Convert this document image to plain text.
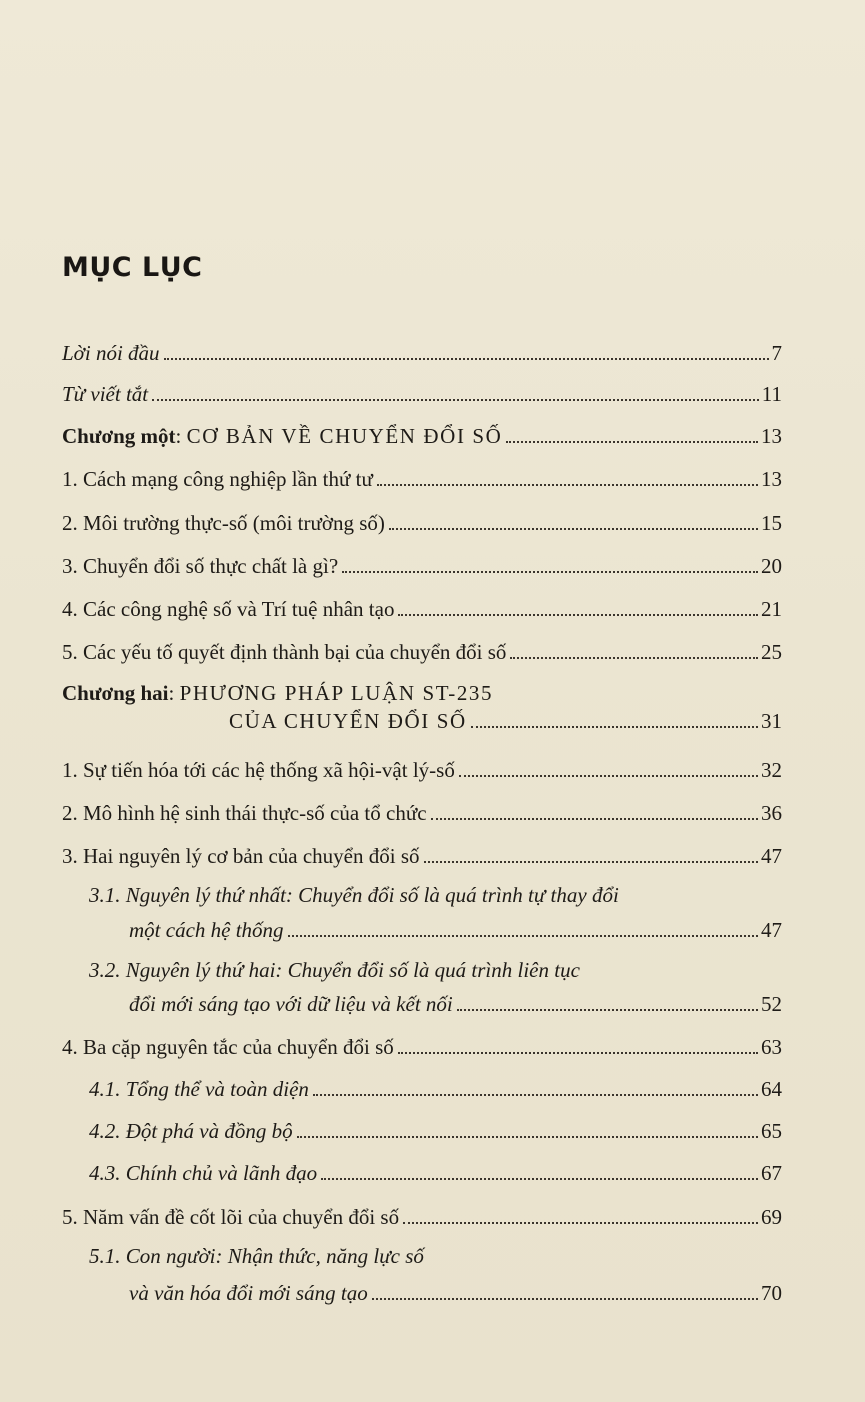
MỤC LỤC
Lời nói đầu	7
Từ viết tắt	11
Chương một: CƠ BẢN VỀ CHUYỂN ĐỔI SỐ	13
1. Cách mạng công nghiệp lần thứ tư	13
2. Môi trường thực-số (môi trường số)	15
3. Chuyển đổi số thực chất là gì?	20
4. Các công nghệ số và Trí tuệ nhân tạo	21
5. Các yếu tố quyết định thành bại của chuyển đổi số	25
Chương hai: PHƯƠNG PHÁP LUẬN ST-235
CỦA CHUYỂN ĐỔI SỐ	31
1. Sự tiến hóa tới các hệ thống xã hội-vật lý-số	32
2. Mô hình hệ sinh thái thực-số của tổ chức	36
3. Hai nguyên lý cơ bản của chuyển đổi số	47
3.1. Nguyên lý thứ nhất: Chuyển đổi số là quá trình tự thay đổi
một cách hệ thống	47
3.2. Nguyên lý thứ hai: Chuyển đổi số là quá trình liên tục
đổi mới sáng tạo với dữ liệu và kết nối	52
4. Ba cặp nguyên tắc của chuyển đổi số	63
4.1. Tổng thể và toàn diện	64
4.2. Đột phá và đồng bộ	65
4.3. Chính chủ và lãnh đạo	67
5. Năm vấn đề cốt lõi của chuyển đổi số	69
5.1. Con người: Nhận thức, năng lực số
và văn hóa đổi mới sáng tạo	70
